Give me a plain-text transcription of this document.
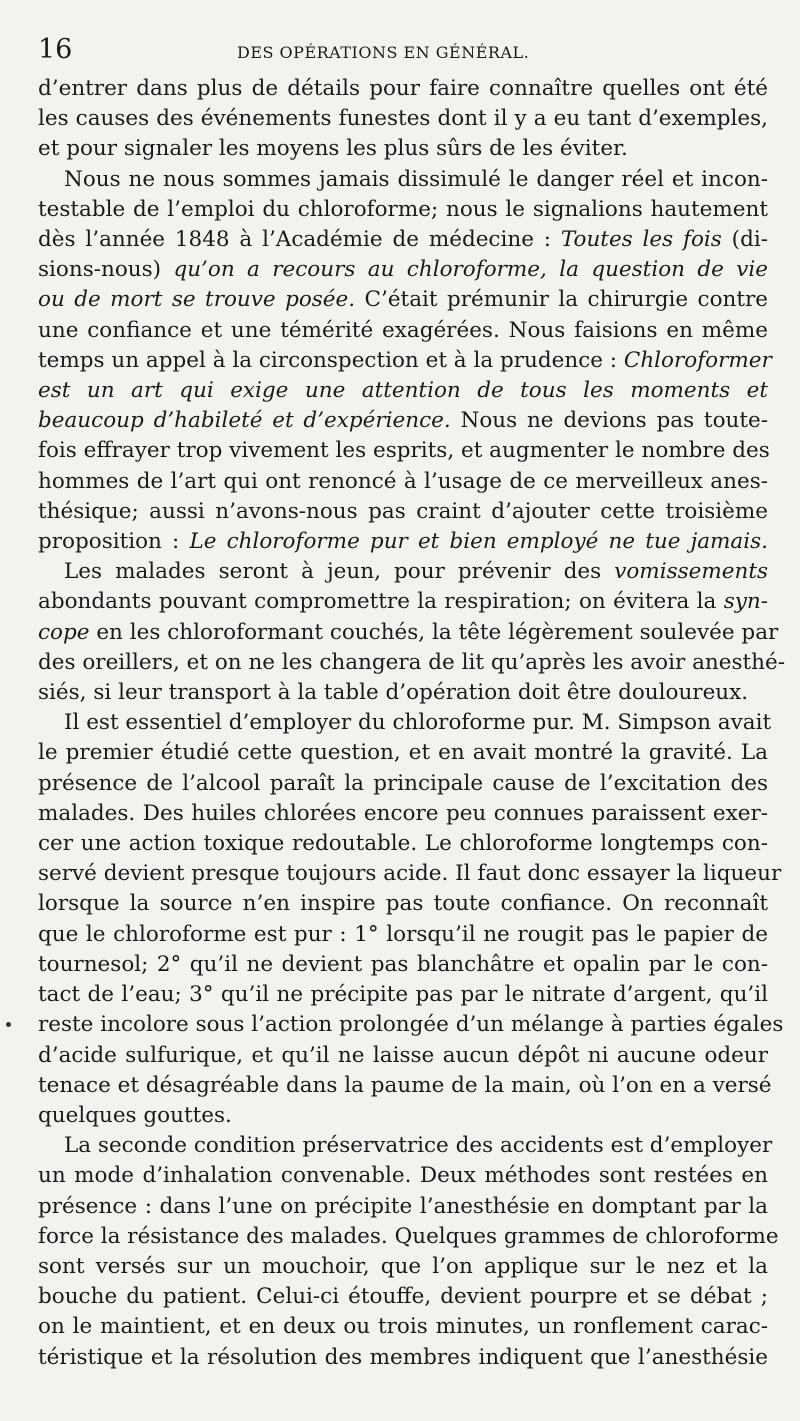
16	DES OPÉRATIONS EN GÉNÉRAL.
d’entrer dans plus de détails pour faire connaître quelles ont été
les causes des événements funestes dont il y a eu tant d’exemples,
et pour signaler les moyens les plus sûrs de les éviter.
Nous ne nous sommes jamais dissimulé le danger réel et incon-
testable de l’emploi du chloroforme; nous le signalions hautement
dès l’année 1848 à l’Académie de médecine : Toutes les fois (di-
sions-nous) qu’on a recours au chloroforme, la question de vie
ou de mort se trouve posée. C’était prémunir la chirurgie contre
une confiance et une témérité exagérées. Nous faisions en même
temps un appel à la circonspection et à la prudence : Chloroformer
est un art qui exige une attention de tous les moments et
beaucoup d’habileté et d’expérience. Nous ne devions pas toute-
fois effrayer trop vivement les esprits, et augmenter le nombre des
hommes de l’art qui ont renoncé à l’usage de ce merveilleux anes-
thésique; aussi n’avons-nous pas craint d’ajouter cette troisième
proposition : Le chloroforme pur et bien employé ne tue jamais.
Les malades seront à jeun, pour prévenir des vomissements
abondants pouvant compromettre la respiration; on évitera la syn-
cope en les chloroformant couchés, la tête légèrement soulevée par
des oreillers, et on ne les changera de lit qu’après les avoir anesthé-
siés, si leur transport à la table d’opération doit être douloureux.
Il est essentiel d’employer du chloroforme pur. M. Simpson avait
le premier étudié cette question, et en avait montré la gravité. La
présence de l’alcool paraît la principale cause de l’excitation des
malades. Des huiles chlorées encore peu connues paraissent exer-
cer une action toxique redoutable. Le chloroforme longtemps con-
servé devient presque toujours acide. Il faut donc essayer la liqueur
lorsque la source n’en inspire pas toute confiance. On reconnaît
que le chloroforme est pur : 1° lorsqu’il ne rougit pas le papier de
tournesol; 2° qu’il ne devient pas blanchâtre et opalin par le con-
tact de l’eau; 3° qu’il ne précipite pas par le nitrate d’argent, qu’il
reste incolore sous l’action prolongée d’un mélange à parties égales
d’acide sulfurique, et qu’il ne laisse aucun dépôt ni aucune odeur
tenace et désagréable dans la paume de la main, où l’on en a versé
quelques gouttes.
La seconde condition préservatrice des accidents est d’employer
un mode d’inhalation convenable. Deux méthodes sont restées en
présence : dans l’une on précipite l’anesthésie en domptant par la
force la résistance des malades. Quelques grammes de chloroforme
sont versés sur un mouchoir, que l’on applique sur le nez et la
bouche du patient. Celui-ci étouffe, devient pourpre et se débat ;
on le maintient, et en deux ou trois minutes, un ronflement carac-
téristique et la résolution des membres indiquent que l’anesthésie
